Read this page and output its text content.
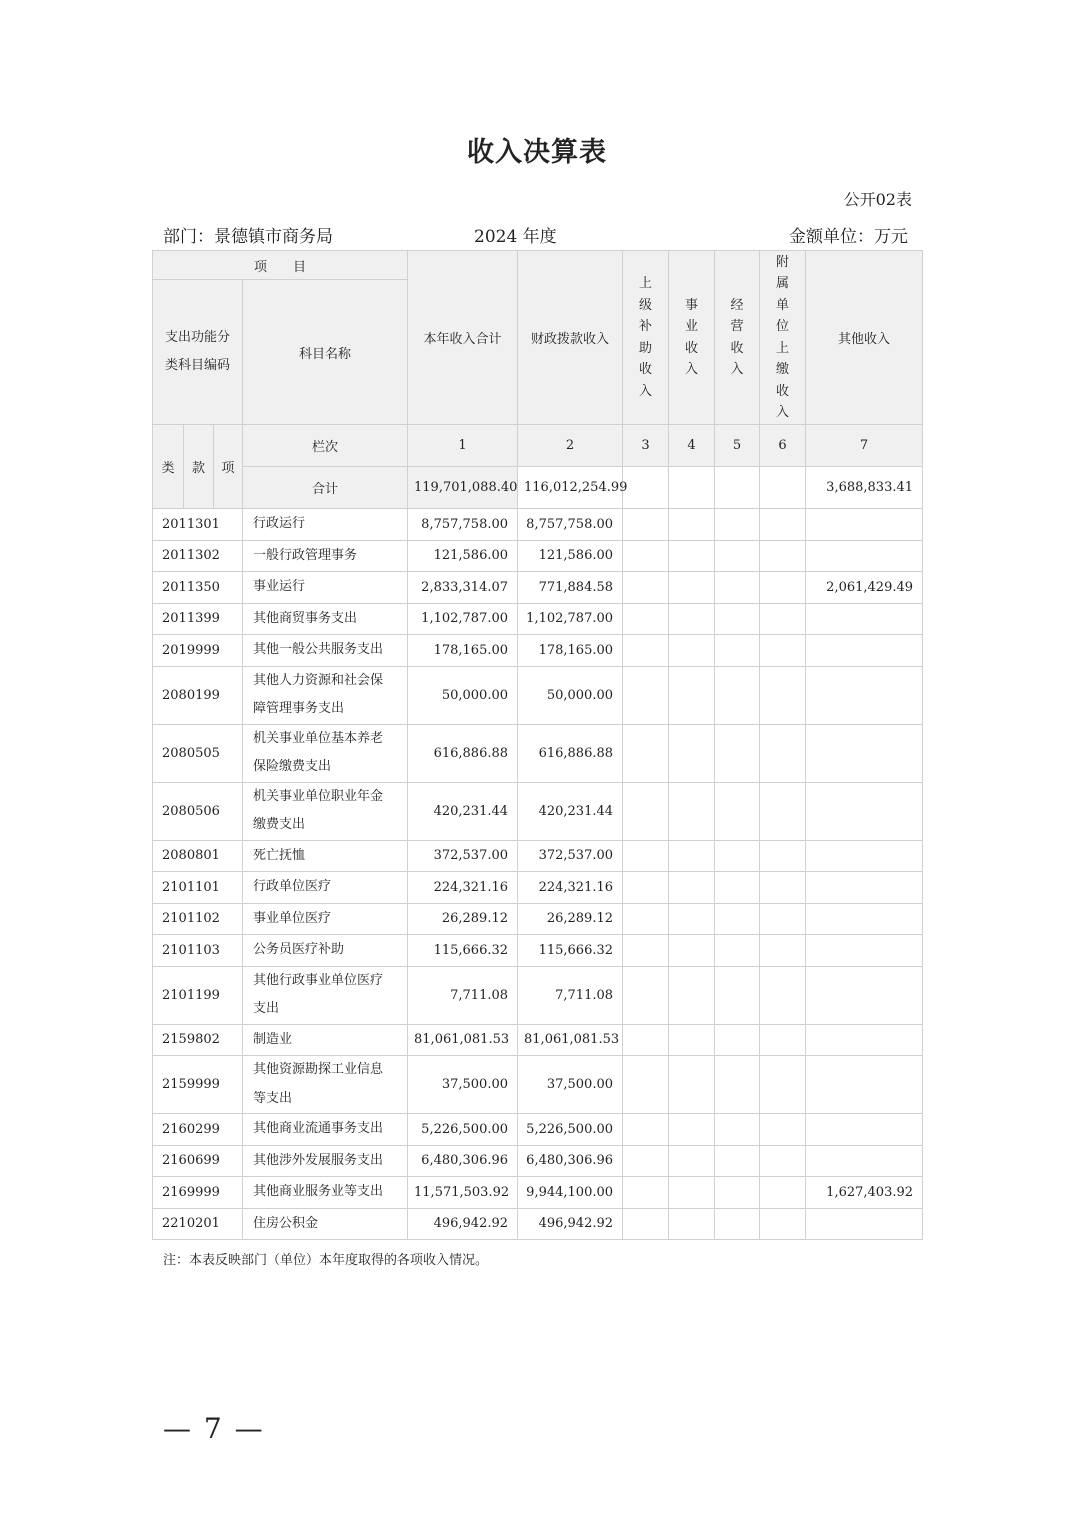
收入决算表
公开02表
部门：景德镇市商务局	2024 年度	金额单位：万元
项　　目				本年收入合计	财政拨款收入	上级补助收入	事业收入	经营收入	附属单位上缴收入	其他收入
支出功能分类科目编码			科目名称							
类	款	项	栏次	1	2	3	4	5	6	7
			合计	119,701,088.40	116,012,254.99					3,688,833.41
2011301			行政运行	8,757,758.00	8,757,758.00					
2011302			一般行政管理事务	121,586.00	121,586.00					
2011350			事业运行	2,833,314.07	771,884.58					2,061,429.49
2011399			其他商贸事务支出	1,102,787.00	1,102,787.00					
2019999			其他一般公共服务支出	178,165.00	178,165.00					
2080199			其他人力资源和社会保障管理事务支出	50,000.00	50,000.00					
2080505			机关事业单位基本养老保险缴费支出	616,886.88	616,886.88					
2080506			机关事业单位职业年金缴费支出	420,231.44	420,231.44					
2080801			死亡抚恤	372,537.00	372,537.00					
2101101			行政单位医疗	224,321.16	224,321.16					
2101102			事业单位医疗	26,289.12	26,289.12					
2101103			公务员医疗补助	115,666.32	115,666.32					
2101199			其他行政事业单位医疗支出	7,711.08	7,711.08					
2159802			制造业	81,061,081.53	81,061,081.53					
2159999			其他资源勘探工业信息等支出	37,500.00	37,500.00					
2160299			其他商业流通事务支出	5,226,500.00	5,226,500.00					
2160699			其他涉外发展服务支出	6,480,306.96	6,480,306.96					
2169999			其他商业服务业等支出	11,571,503.92	9,944,100.00					1,627,403.92
2210201			住房公积金	496,942.92	496,942.92					
注：本表反映部门（单位）本年度取得的各项收入情况。
— 7 —
